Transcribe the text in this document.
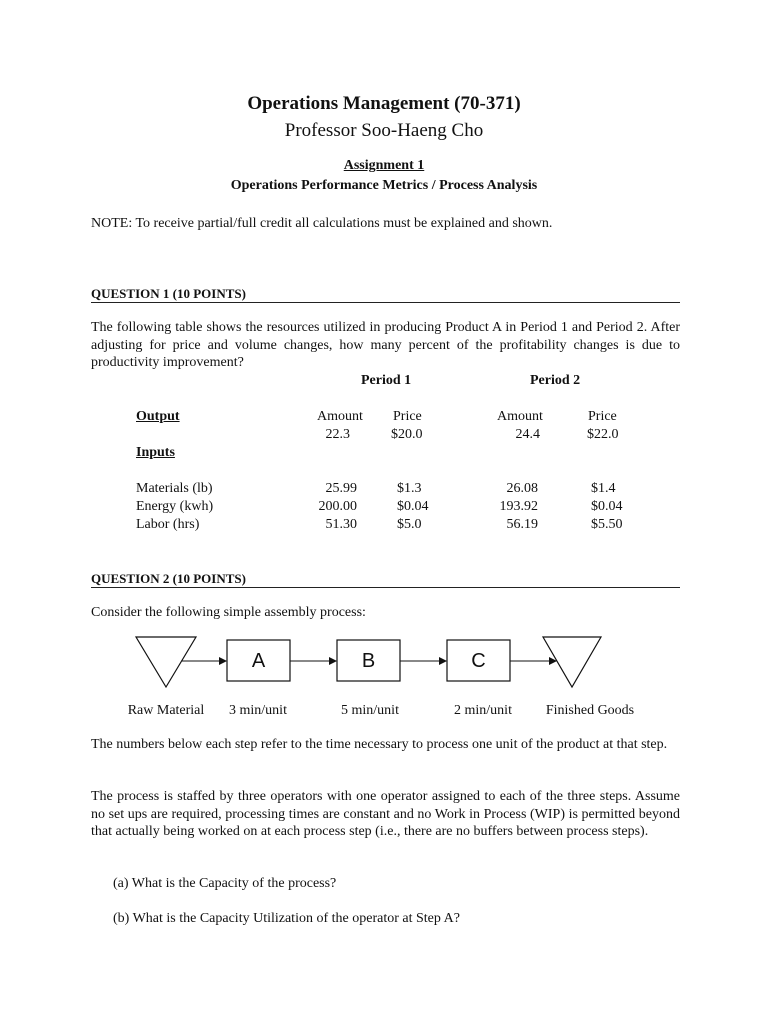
Operations Management (70-371)
Professor Soo-Haeng Cho
Assignment 1
Operations Performance Metrics / Process Analysis
NOTE: To receive partial/full credit all calculations must be explained and shown.
QUESTION 1 (10 POINTS)
The following table shows the resources utilized in producing Product A in Period 1 and Period 2. After adjusting for price and volume changes, how many percent of the profitability changes is due to productivity improvement?
Period 1	Period 2
Output	Amount Price	Amount	Price
22.3	$20.0	24.4	$22.0
Inputs
Materials (lb)	25.99	$1.3	26.08	$1.4
Energy (kwh)	200.00	$0.04	193.92	$0.04
Labor (hrs)	51.30	$5.0	56.19	$5.50
QUESTION 2 (10 POINTS)
Consider the following simple assembly process:
A	B	C
Raw Material	3 min/unit	5 min/unit	2 min/unit	Finished Goods
The numbers below each step refer to the time necessary to process one unit of the product at that step.
The process is staffed by three operators with one operator assigned to each of the three steps. Assume no set ups are required, processing times are constant and no Work in Process (WIP) is permitted beyond that actually being worked on at each process step (i.e., there are no buffers between process steps).
(a) What is the Capacity of the process?
(b) What is the Capacity Utilization of the operator at Step A?
